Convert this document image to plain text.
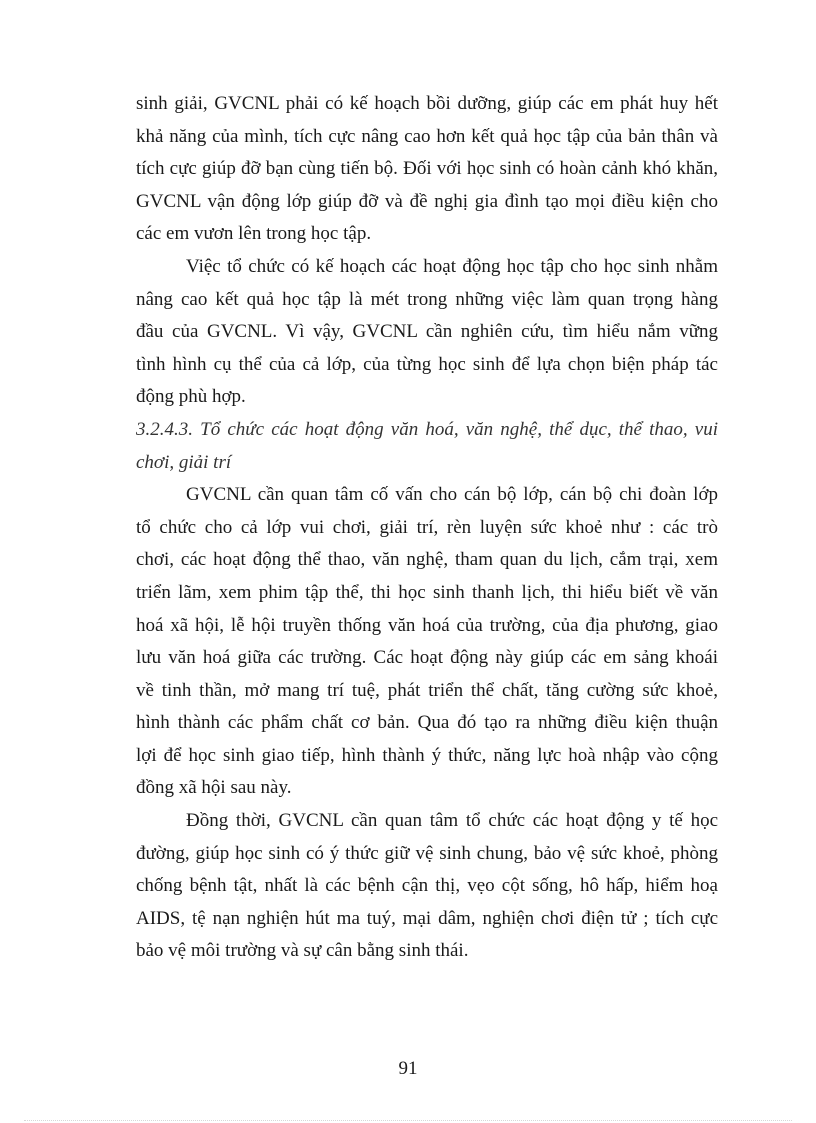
sinh giải, GVCNL phải có kế hoạch bồi dưỡng, giúp các em phát huy hết
khả năng của mình, tích cực nâng cao hơn kết quả học tập của bản thân và
tích cực giúp đỡ bạn cùng tiến bộ. Đối với học sinh có hoàn cảnh khó khăn,
GVCNL vận động lớp giúp đỡ và đề nghị gia đình tạo mọi điều kiện cho
các em vươn lên trong học tập.
Việc tổ chức có kế hoạch các hoạt động học tập cho học sinh nhằm
nâng cao kết quả học tập là mét trong những việc làm quan trọng hàng
đầu của GVCNL. Vì vậy, GVCNL cần nghiên cứu, tìm hiểu nắm vững
tình hình cụ thể của cả lớp, của từng học sinh để lựa chọn biện pháp tác
động phù hợp.
3.2.4.3. Tổ chức các hoạt động văn hoá, văn nghệ, thể dục, thể thao, vui
chơi, giải trí
GVCNL cần quan tâm cố vấn cho cán bộ lớp, cán bộ chi đoàn lớp
tổ chức cho cả lớp vui chơi, giải trí, rèn luyện sức khoẻ như : các trò
chơi, các hoạt động thể thao, văn nghệ, tham quan du lịch, cắm trại, xem
triển lãm, xem phim tập thể, thi học sinh thanh lịch, thi hiểu biết về văn
hoá xã hội, lễ hội truyền thống văn hoá của trường, của địa phương, giao
lưu văn hoá giữa các trường. Các hoạt động này giúp các em sảng khoái
về tinh thần, mở mang trí tuệ, phát triển thể chất, tăng cường sức khoẻ,
hình thành các phẩm chất cơ bản. Qua đó tạo ra những điều kiện thuận
lợi để học sinh giao tiếp, hình thành ý thức, năng lực hoà nhập vào cộng
đồng xã hội sau này.
Đồng thời, GVCNL cần quan tâm tổ chức các hoạt động y tế học
đường, giúp học sinh có ý thức giữ vệ sinh chung, bảo vệ sức khoẻ, phòng
chống bệnh tật, nhất là các bệnh cận thị, vẹo cột sống, hô hấp, hiểm hoạ
AIDS, tệ nạn nghiện hút ma tuý, mại dâm, nghiện chơi điện tử ; tích cực
bảo vệ môi trường và sự cân bằng sinh thái.
91
